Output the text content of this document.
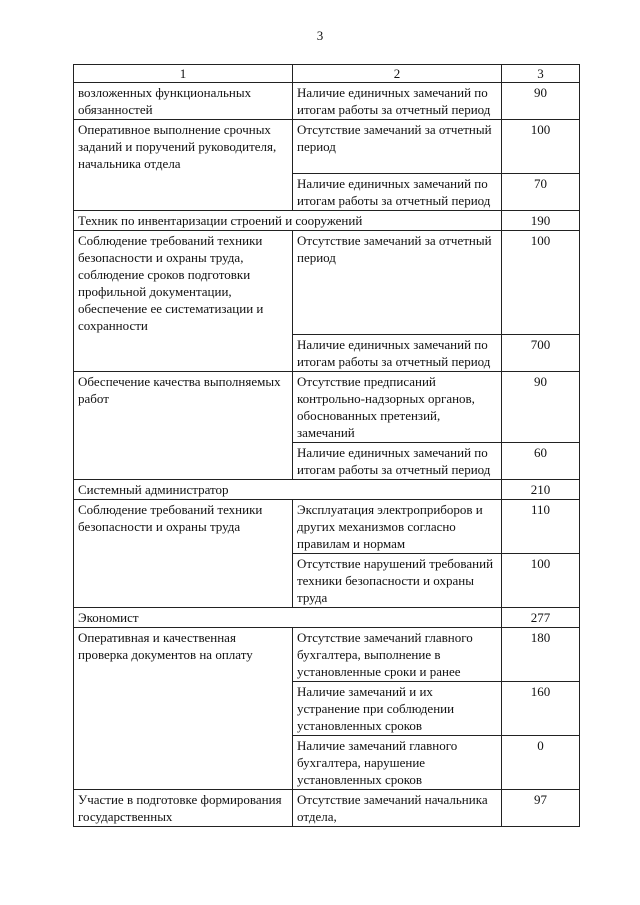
3
1	2	3
возложенных функциональных обязанностей	Наличие единичных замечаний по итогам работы за отчетный период	90
Оперативное выполнение срочных заданий и поручений руководителя, начальника отдела	Отсутствие замечаний за отчетный период	100

	Наличие единичных замечаний по итогам работы за отчетный период	70
Техник по инвентаризации строений и сооружений		190
Соблюдение требований техники безопасности и охраны труда, соблюдение сроков подготовки профильной документации, обеспечение ее систематизации и сохранности	Отсутствие замечаний за отчетный период	100

	Наличие единичных замечаний по итогам работы за отчетный период	700
Обеспечение качества выполняемых работ	Отсутствие предписаний контрольно-надзорных органов, обоснованных претензий, замечаний	90

	Наличие единичных замечаний по итогам работы за отчетный период	60
Системный администратор		210
Соблюдение требований техники безопасности и охраны труда	Эксплуатация электроприборов и других механизмов согласно правилам и нормам	110

	Отсутствие нарушений требований техники безопасности и охраны труда	100
Экономист		277
Оперативная и качественная проверка документов на оплату	Отсутствие замечаний главного бухгалтера, выполнение в установленные сроки и ранее	180

	Наличие замечаний и их устранение при соблюдении установленных сроков	160

	Наличие замечаний главного бухгалтера, нарушение установленных сроков	0
Участие в подготовке формирования государственных	Отсутствие замечаний начальника отдела,	97
